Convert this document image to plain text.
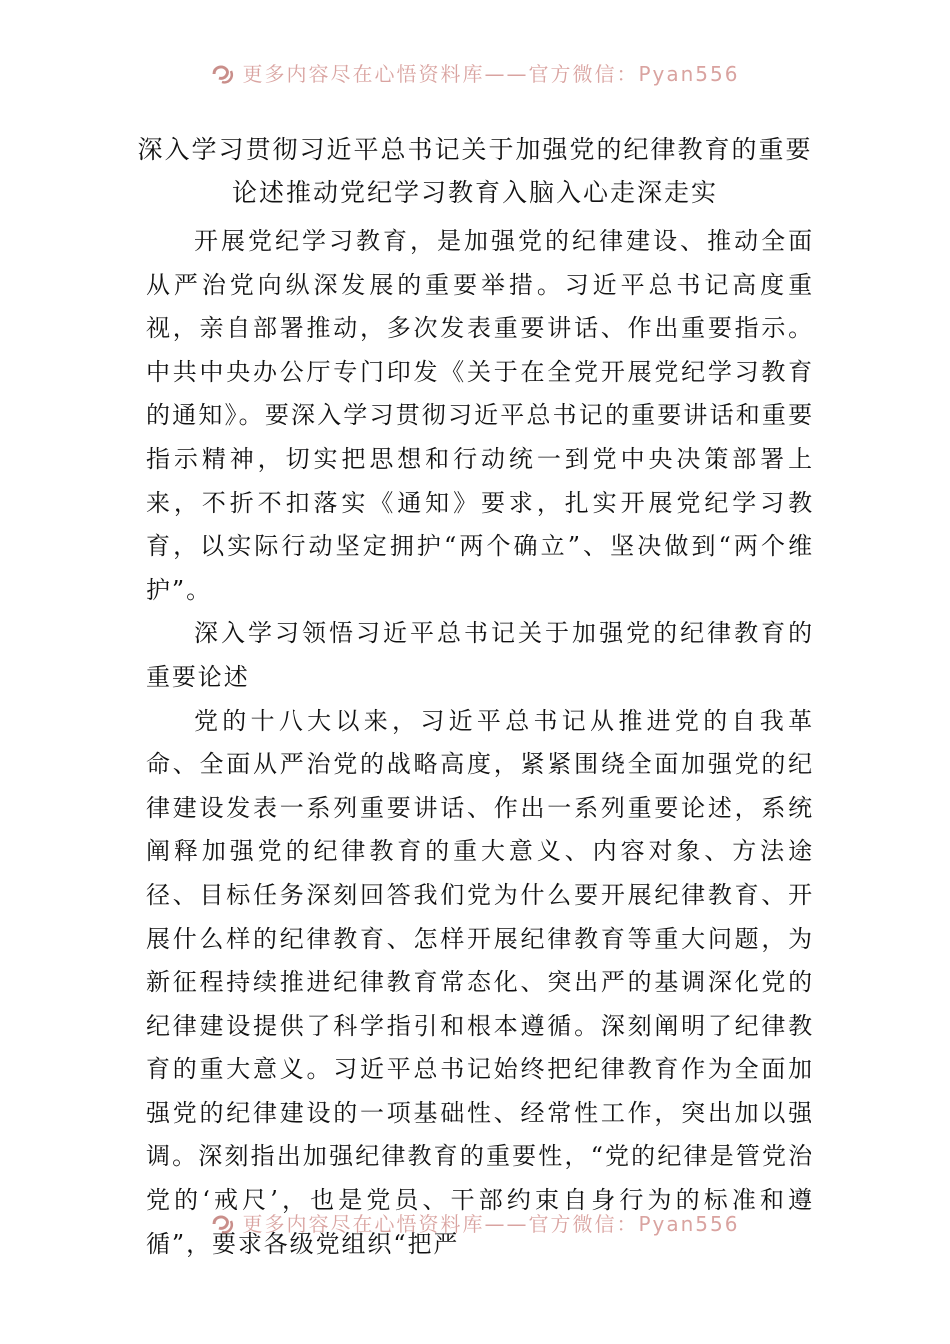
更多内容尽在心悟资料库——官方微信：Pyan556
深入学习贯彻习近平总书记关于加强党的纪律教育的重要
论述推动党纪学习教育入脑入心走深走实

开展党纪学习教育，是加强党的纪律建设、推动全面从严治党向纵深发展的重要举措。习近平总书记高度重视，亲自部署推动，多次发表重要讲话、作出重要指示。中共中央办公厅专门印发《关于在全党开展党纪学习教育的通知》。要深入学习贯彻习近平总书记的重要讲话和重要指示精神，切实把思想和行动统一到党中央决策部署上来，不折不扣落实《通知》要求，扎实开展党纪学习教育，以实际行动坚定拥护“两个确立”、坚决做到“两个维护”。

深入学习领悟习近平总书记关于加强党的纪律教育的重要论述

党的十八大以来，习近平总书记从推进党的自我革命、全面从严治党的战略高度，紧紧围绕全面加强党的纪律建设发表一系列重要讲话、作出一系列重要论述，系统阐释加强党的纪律教育的重大意义、内容对象、方法途径、目标任务深刻回答我们党为什么要开展纪律教育、开展什么样的纪律教育、怎样开展纪律教育等重大问题，为新征程持续推进纪律教育常态化、突出严的基调深化党的纪律建设提供了科学指引和根本遵循。深刻阐明了纪律教育的重大意义。习近平总书记始终把纪律教育作为全面加强党的纪律建设的一项基础性、经常性工作，突出加以强调。深刻指出加强纪律教育的重要性，“党的纪律是管党治党的‘戒尺’，也是党员、干部约束自身行为的标准和遵循”，要求各级党组织“把严

更多内容尽在心悟资料库——官方微信：Pyan556
